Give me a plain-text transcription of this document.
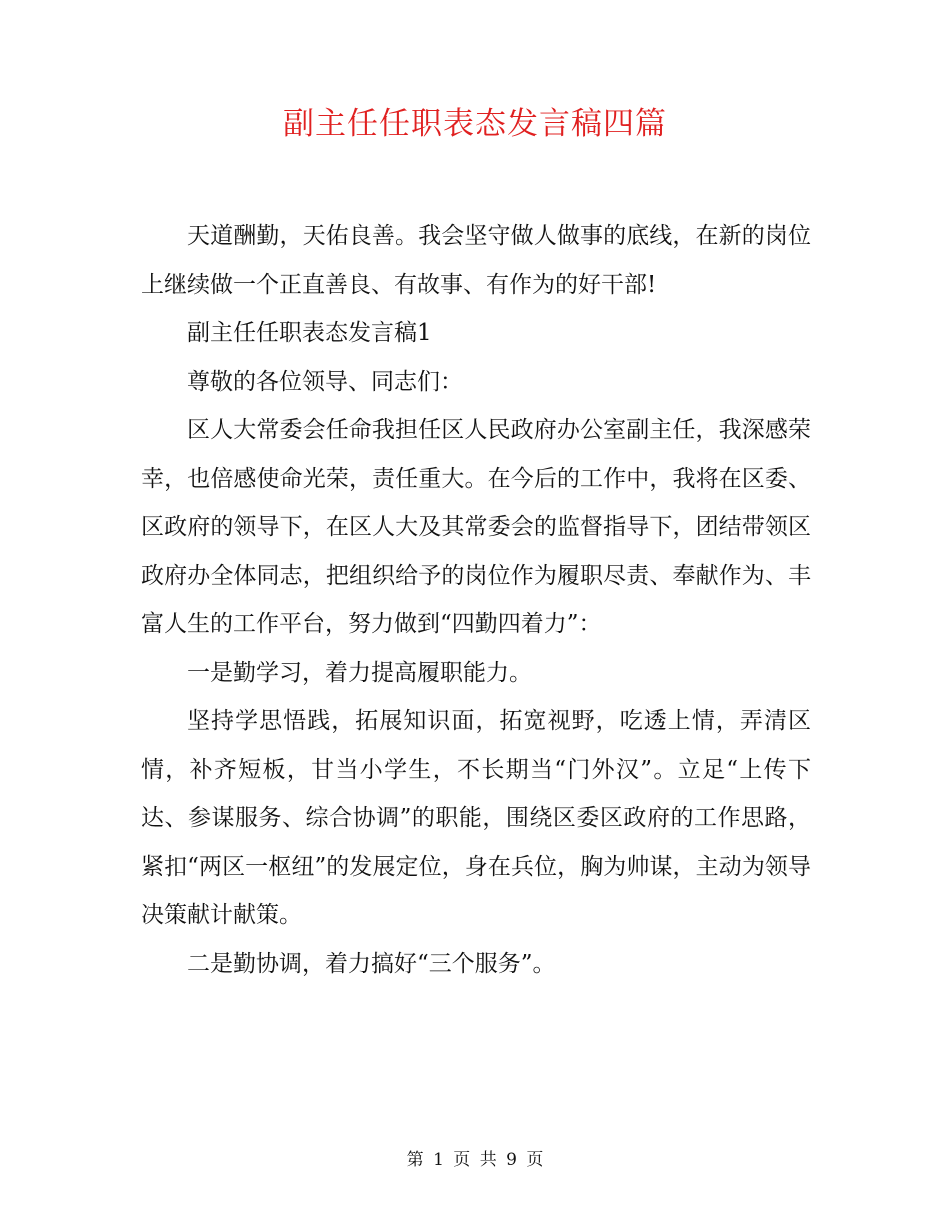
副主任任职表态发言稿四篇

天道酬勤，天佑良善。我会坚守做人做事的底线，在新的岗位上继续做一个正直善良、有故事、有作为的好干部!

副主任任职表态发言稿1

尊敬的各位领导、同志们：

区人大常委会任命我担任区人民政府办公室副主任，我深感荣幸，也倍感使命光荣，责任重大。在今后的工作中，我将在区委、区政府的领导下，在区人大及其常委会的监督指导下，团结带领区政府办全体同志，把组织给予的岗位作为履职尽责、奉献作为、丰富人生的工作平台，努力做到“四勤四着力”：

一是勤学习，着力提高履职能力。

坚持学思悟践，拓展知识面，拓宽视野，吃透上情，弄清区情，补齐短板，甘当小学生，不长期当“门外汉”。立足“上传下达、参谋服务、综合协调”的职能，围绕区委区政府的工作思路，紧扣“两区一枢纽”的发展定位，身在兵位，胸为帅谋，主动为领导决策献计献策。

二是勤协调，着力搞好“三个服务”。

第 1 页 共 9 页
